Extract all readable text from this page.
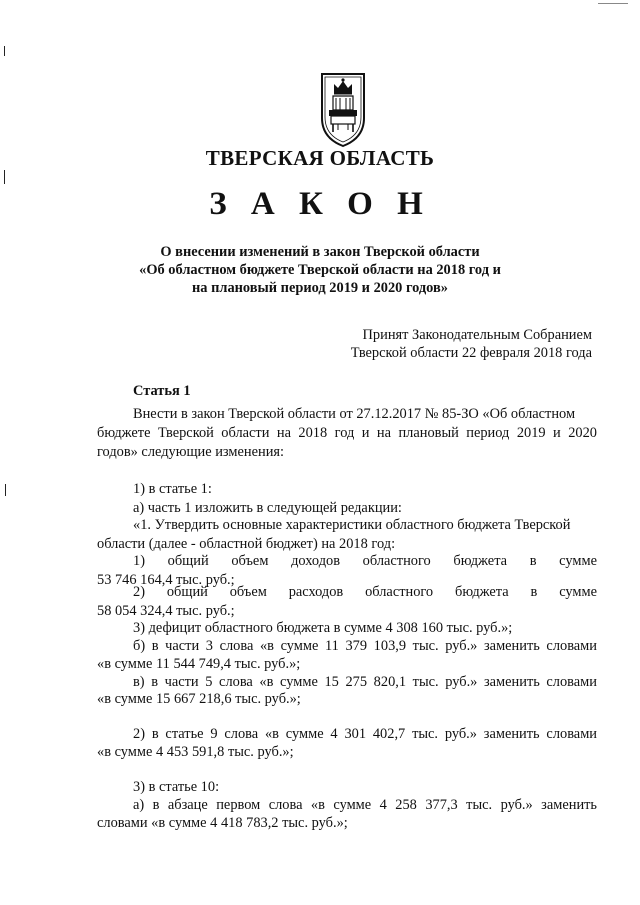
ТВЕРСКАЯ ОБЛАСТЬ
З А К О Н
О внесении изменений в закон Тверской области
«Об областном бюджете Тверской области на 2018 год и
на плановый период 2019 и 2020 годов»
Принят Законодательным Собранием
Тверской области 22 февраля 2018 года
Статья 1
Внести в закон Тверской области от 27.12.2017 № 85-ЗО «Об областном
бюджете Тверской области на 2018 год и на плановый период 2019 и 2020
годов» следующие изменения:
1) в статье 1:
а) часть 1 изложить в следующей редакции:
«1. Утвердить основные характеристики областного бюджета Тверской
области (далее - областной бюджет) на 2018 год:
1) общий объем доходов областного бюджета в сумме
53 746 164,4 тыс. руб.;
2) общий объем расходов областного бюджета в сумме
58 054 324,4 тыс. руб.;
3) дефицит областного бюджета в сумме 4 308 160 тыс. руб.»;
б) в части 3 слова «в сумме 11 379 103,9 тыс. руб.» заменить словами
«в сумме 11 544 749,4 тыс. руб.»;
в) в части 5 слова «в сумме 15 275 820,1 тыс. руб.» заменить словами
«в сумме 15 667 218,6 тыс. руб.»;
2) в статье 9 слова «в сумме 4 301 402,7 тыс. руб.» заменить словами
«в сумме 4 453 591,8 тыс. руб.»;
3) в статье 10:
а) в абзаце первом слова «в сумме 4 258 377,3 тыс. руб.» заменить
словами «в сумме 4 418 783,2 тыс. руб.»;
